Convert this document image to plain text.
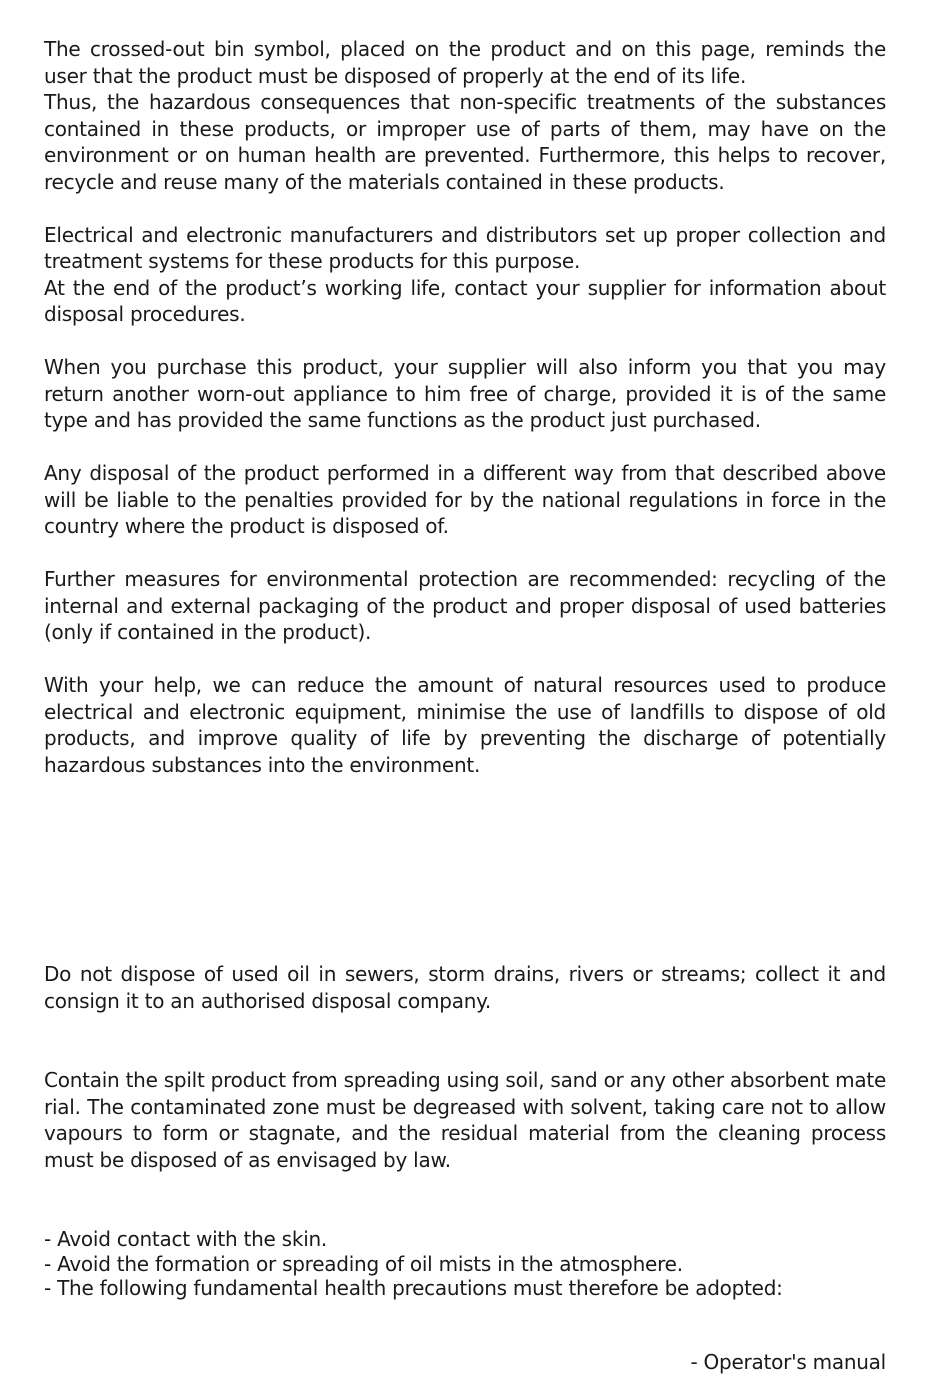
The crossed-out bin symbol, placed on the product and on this page, reminds the user that the product must be disposed of properly at the end of its life.

Thus, the hazardous consequences that non-specific treatments of the substances contained in these products, or improper use of parts of them, may have on the environment or on human health are prevented. Furthermore, this helps to recover, recycle and reuse many of the materials contained in these products.

Electrical and electronic manufacturers and distributors set up proper collection and treatment systems for these products for this purpose.

At the end of the product’s working life, contact your supplier for information about disposal procedures.

When you purchase this product, your supplier will also inform you that you may return another worn-out appliance to him free of charge, provided it is of the same type and has provided the same functions as the product just purchased.

Any disposal of the product performed in a different way from that described above will be liable to the penalties provided for by the national regulations in force in the country where the product is disposed of.

Further measures for environmental protection are recommended: recycling of the internal and external packaging of the product and proper disposal of used batteries (only if contained in the product).

With your help, we can reduce the amount of natural resources used to produce electrical and electronic equipment, minimise the use of landfills to dispose of old products, and improve quality of life by preventing the discharge of potentially hazardous substances into the environment.

Do not dispose of used oil in sewers, storm drains, rivers or streams; collect it and consign it to an authorised disposal company.

Contain the spilt product from spreading using soil, sand or any other absorbent mate rial. The contaminated zone must be degreased with solvent, taking care not to allow vapours to form or stagnate, and the residual material from the cleaning process must be disposed of as envisaged by law.

- Avoid contact with the skin.

- Avoid the formation or spreading of oil mists in the atmosphere.

- The following fundamental health precautions must therefore be adopted:

- Operator's manual
